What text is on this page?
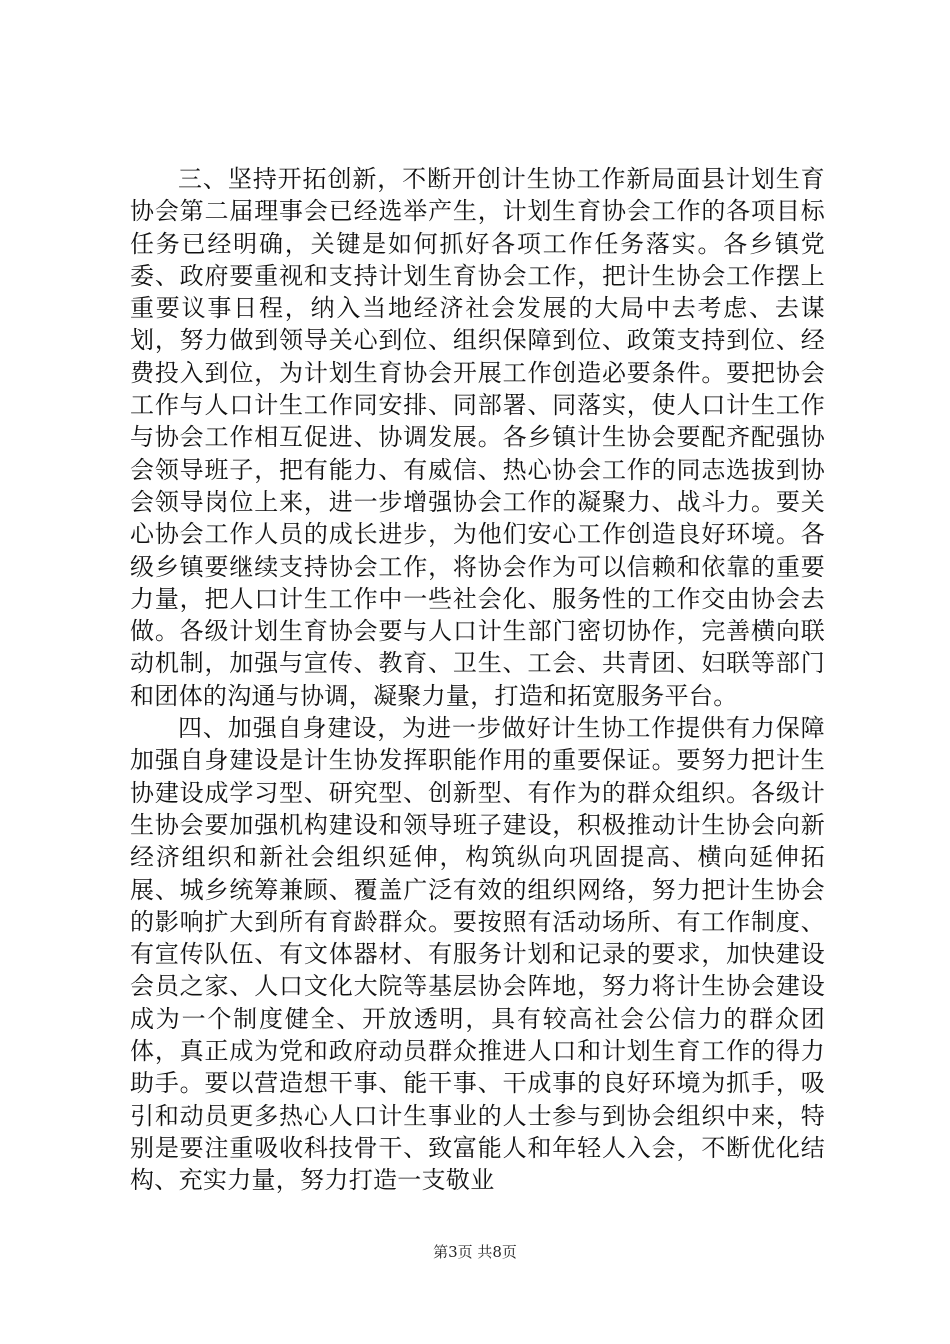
三、坚持开拓创新，不断开创计生协工作新局面县计划生育协会第二届理事会已经选举产生，计划生育协会工作的各项目标任务已经明确，关键是如何抓好各项工作任务落实。各乡镇党委、政府要重视和支持计划生育协会工作，把计生协会工作摆上重要议事日程，纳入当地经济社会发展的大局中去考虑、去谋划，努力做到领导关心到位、组织保障到位、政策支持到位、经费投入到位，为计划生育协会开展工作创造必要条件。要把协会工作与人口计生工作同安排、同部署、同落实，使人口计生工作与协会工作相互促进、协调发展。各乡镇计生协会要配齐配强协会领导班子，把有能力、有威信、热心协会工作的同志选拔到协会领导岗位上来，进一步增强协会工作的凝聚力、战斗力。要关心协会工作人员的成长进步，为他们安心工作创造良好环境。各级乡镇要继续支持协会工作，将协会作为可以信赖和依靠的重要力量，把人口计生工作中一些社会化、服务性的工作交由协会去做。各级计划生育协会要与人口计生部门密切协作，完善横向联动机制，加强与宣传、教育、卫生、工会、共青团、妇联等部门和团体的沟通与协调，凝聚力量，打造和拓宽服务平台。

四、加强自身建设，为进一步做好计生协工作提供有力保障加强自身建设是计生协发挥职能作用的重要保证。要努力把计生协建设成学习型、研究型、创新型、有作为的群众组织。各级计生协会要加强机构建设和领导班子建设，积极推动计生协会向新经济组织和新社会组织延伸，构筑纵向巩固提高、横向延伸拓展、城乡统筹兼顾、覆盖广泛有效的组织网络，努力把计生协会的影响扩大到所有育龄群众。要按照有活动场所、有工作制度、有宣传队伍、有文体器材、有服务计划和记录的要求，加快建设会员之家、人口文化大院等基层协会阵地，努力将计生协会建设成为一个制度健全、开放透明，具有较高社会公信力的群众团体，真正成为党和政府动员群众推进人口和计划生育工作的得力助手。要以营造想干事、能干事、干成事的良好环境为抓手，吸引和动员更多热心人口计生事业的人士参与到协会组织中来，特别是要注重吸收科技骨干、致富能人和年轻人入会，不断优化结构、充实力量，努力打造一支敬业

第3页 共8页
